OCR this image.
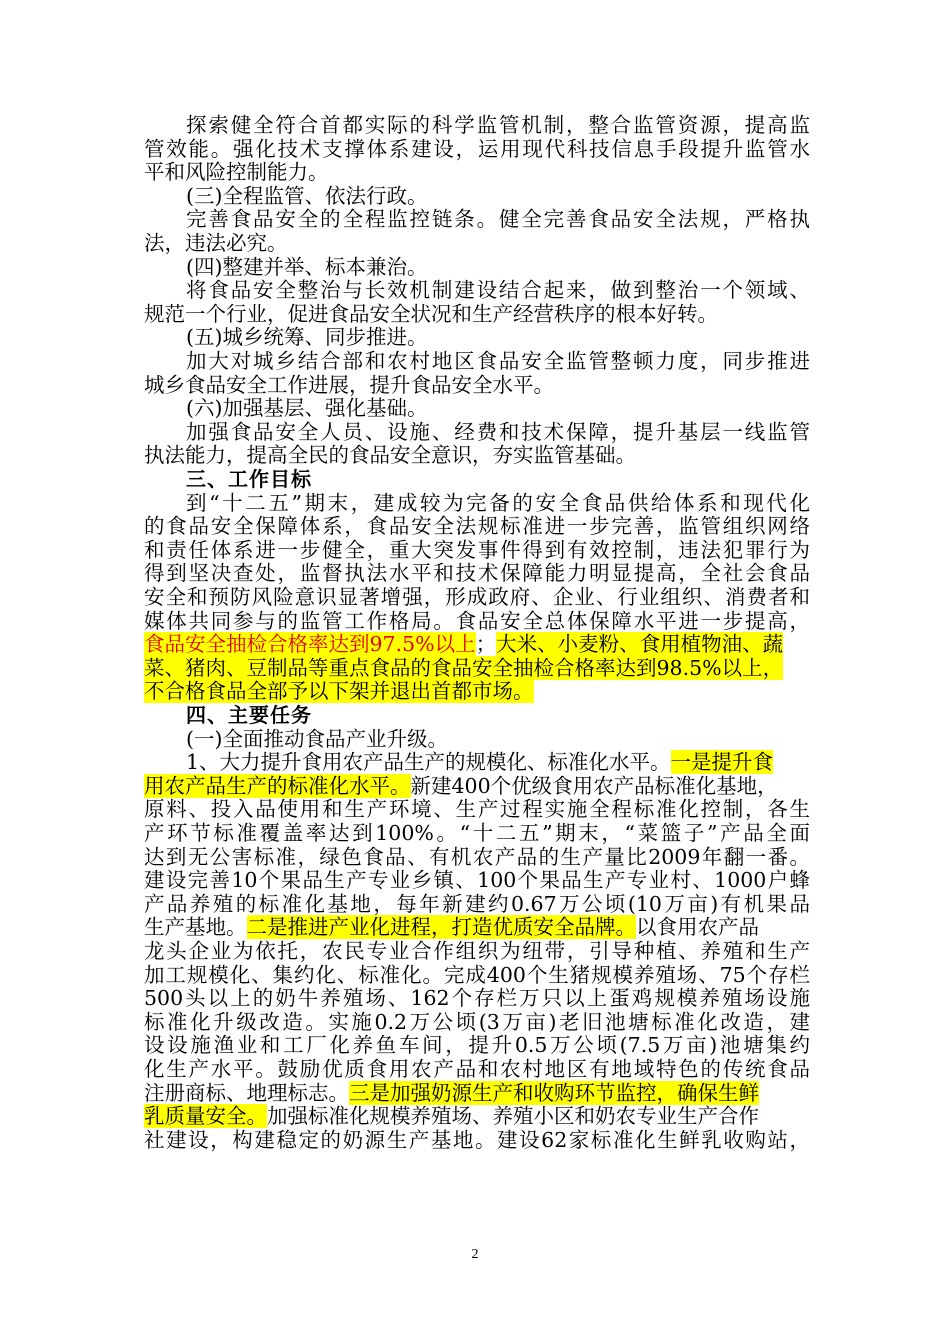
探索健全符合首都实际的科学监管机制，整合监管资源，提高监
管效能。强化技术支撑体系建设，运用现代科技信息手段提升监管水
平和风险控制能力。
(三)全程监管、依法行政。
完善食品安全的全程监控链条。健全完善食品安全法规，严格执
法，违法必究。
(四)整建并举、标本兼治。
将食品安全整治与长效机制建设结合起来，做到整治一个领域、
规范一个行业，促进食品安全状况和生产经营秩序的根本好转。
(五)城乡统筹、同步推进。
加大对城乡结合部和农村地区食品安全监管整顿力度，同步推进
城乡食品安全工作进展，提升食品安全水平。
(六)加强基层、强化基础。
加强食品安全人员、设施、经费和技术保障，提升基层一线监管
执法能力，提高全民的食品安全意识，夯实监管基础。
三、工作目标
到“十二五”期末，建成较为完备的安全食品供给体系和现代化
的食品安全保障体系，食品安全法规标准进一步完善，监管组织网络
和责任体系进一步健全，重大突发事件得到有效控制，违法犯罪行为
得到坚决查处，监督执法水平和技术保障能力明显提高，全社会食品
安全和预防风险意识显著增强，形成政府、企业、行业组织、消费者和
媒体共同参与的监管工作格局。食品安全总体保障水平进一步提高，
食品安全抽检合格率达到97.5%以上；大米、小麦粉、食用植物油、蔬
菜、猪肉、豆制品等重点食品的食品安全抽检合格率达到98.5%以上，
不合格食品全部予以下架并退出首都市场。
四、主要任务
(一)全面推动食品产业升级。
1、大力提升食用农产品生产的规模化、标准化水平。一是提升食
用农产品生产的标准化水平。新建400个优级食用农产品标准化基地，
原料、投入品使用和生产环境、生产过程实施全程标准化控制，各生
产环节标准覆盖率达到100%。“十二五”期末，“菜篮子”产品全面
达到无公害标准，绿色食品、有机农产品的生产量比2009年翻一番。
建设完善10个果品生产专业乡镇、100个果品生产专业村、1000户蜂
产品养殖的标准化基地，每年新建约0.67万公顷(10万亩)有机果品
生产基地。二是推进产业化进程，打造优质安全品牌。以食用农产品
龙头企业为依托，农民专业合作组织为纽带，引导种植、养殖和生产
加工规模化、集约化、标准化。完成400个生猪规模养殖场、75个存栏
500头以上的奶牛养殖场、162个存栏万只以上蛋鸡规模养殖场设施
标准化升级改造。实施0.2万公顷(3万亩)老旧池塘标准化改造，建
设设施渔业和工厂化养鱼车间，提升0.5万公顷(7.5万亩)池塘集约
化生产水平。鼓励优质食用农产品和农村地区有地域特色的传统食品
注册商标、地理标志。三是加强奶源生产和收购环节监控，确保生鲜
乳质量安全。加强标准化规模养殖场、养殖小区和奶农专业生产合作
社建设，构建稳定的奶源生产基地。建设62家标准化生鲜乳收购站，
2
